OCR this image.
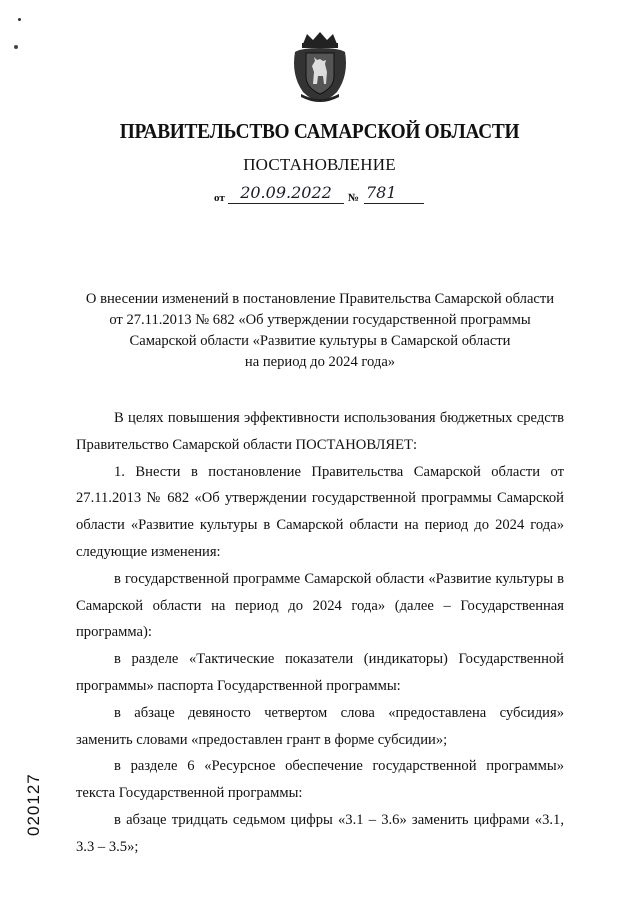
ПРАВИТЕЛЬСТВО САМАРСКОЙ ОБЛАСТИ
ПОСТАНОВЛЕНИЕ
от 20.09.2022	№ 781
О внесении изменений в постановление Правительства Самарской области
от 27.11.2013 № 682 «Об утверждении государственной программы
Самарской области «Развитие культуры в Самарской области
на период до 2024 года»

В целях повышения эффективности использования бюджетных средств Правительство Самарской области ПОСТАНОВЛЯЕТ:

1. Внести в постановление Правительства Самарской области от 27.11.2013 № 682 «Об утверждении государственной программы Самарской области «Развитие культуры в Самарской области на период до 2024 года» следующие изменения:

в государственной программе Самарской области «Развитие культуры в Самарской области на период до 2024 года» (далее – Государственная программа):

в разделе «Тактические показатели (индикаторы) Государственной программы» паспорта Государственной программы:

в абзаце девяносто четвертом слова «предоставлена субсидия» заменить словами «предоставлен грант в форме субсидии»;

в разделе 6 «Ресурсное обеспечение государственной программы» текста Государственной программы:

в абзаце тридцать седьмом цифры «3.1 – 3.6» заменить цифрами «3.1, 3.3 – 3.5»;

020127
